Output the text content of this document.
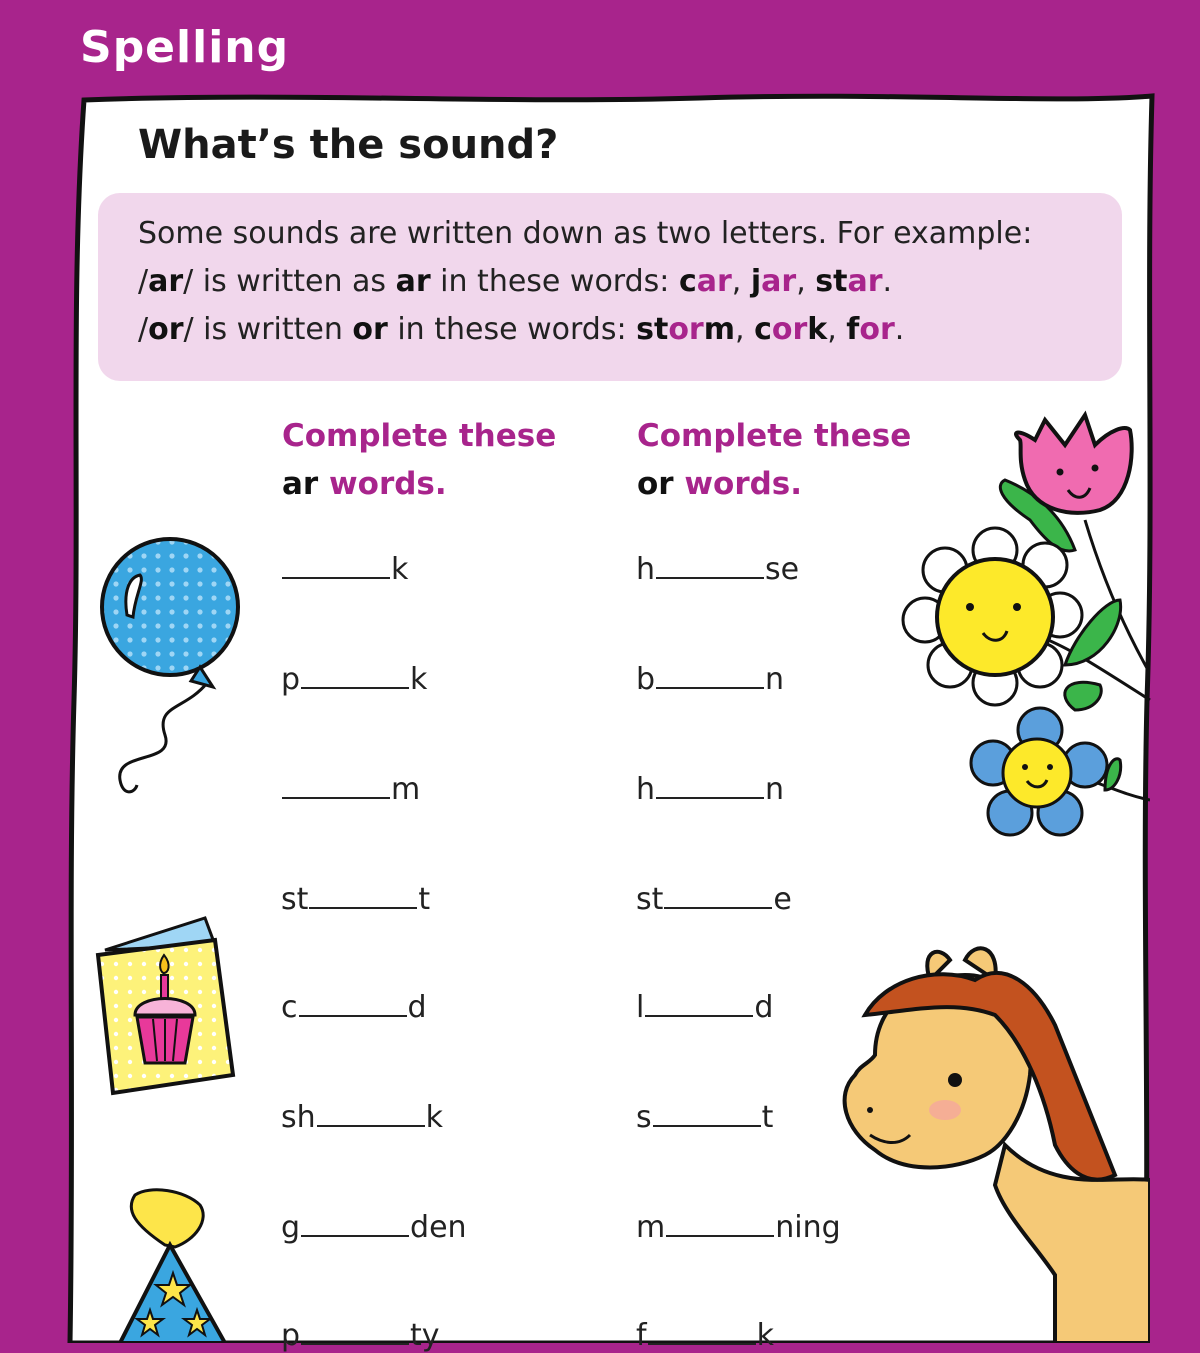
Spelling
What’s the sound?
Some sounds are written down as two letters. For example:
/ar/ is written as ar in these words: car, jar, star.
/or/ is written or in these words: storm, cork, for.
Complete these
ar words.
Complete these
or words.
k
p	k
m
st	t
c	d
sh	k
g	den
p	ty
h	se
b	n
h	n
st	e
l	d
s	t
m	ning
f	k
